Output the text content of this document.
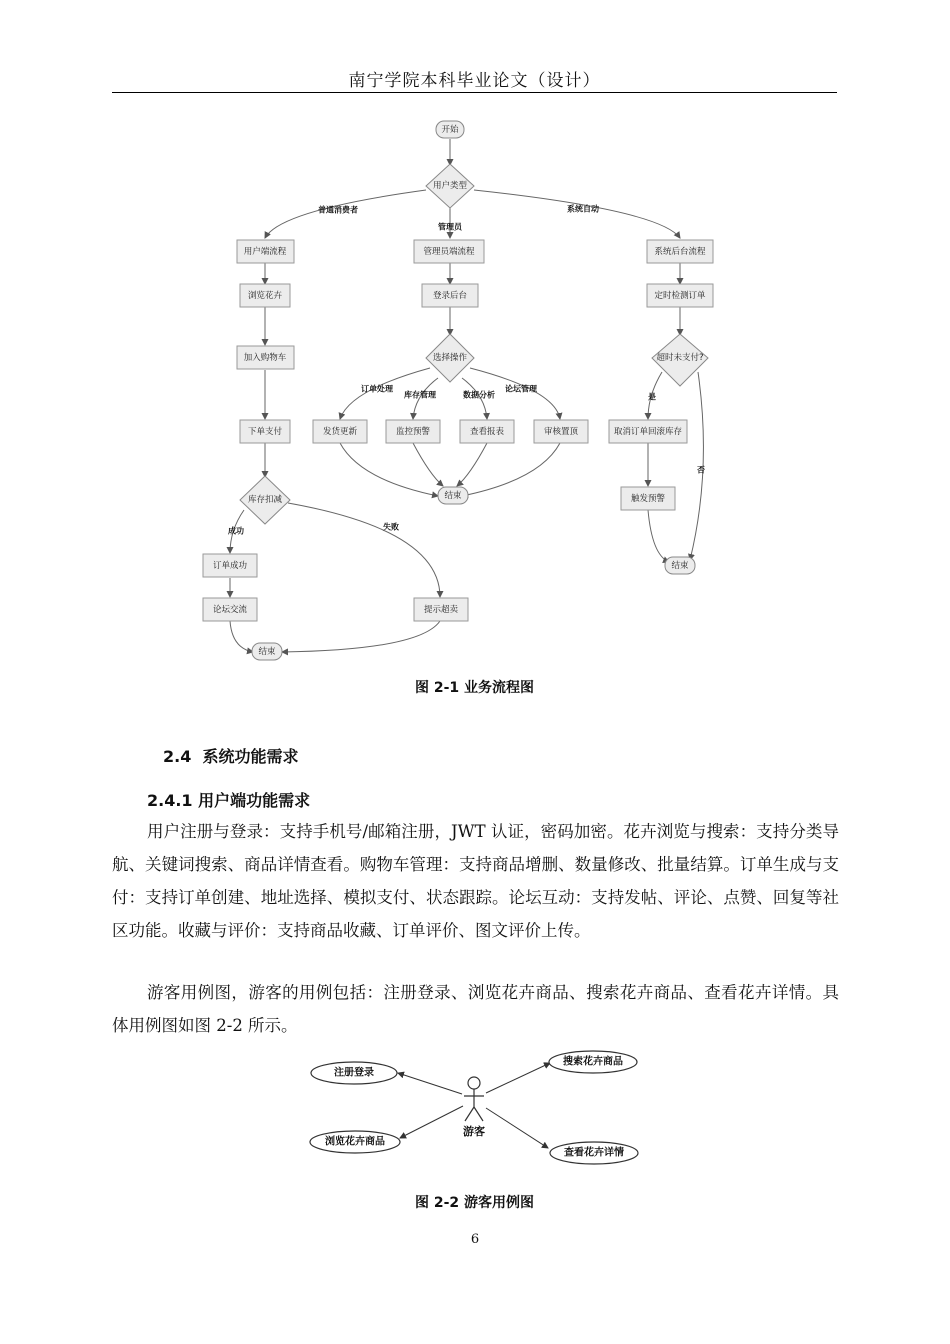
南宁学院本科毕业论文（设计）
开始
用户类型
用户端流程
浏览花卉
加入购物车
下单支付
库存扣减
订单成功
论坛交流	提示超卖
结束
管理员端流程
登录后台
选择操作
发货更新	监控预警	查看报表	审核置顶
结束
系统后台流程
定时检测订单
超时未支付?
取消订单回滚库存
触发预警
结束
普通消费者
管理员
系统自动
订单处理
库存管理	数据分析
论坛管理
成功	失败
是
否
图 2-1 业务流程图
2.4 系统功能需求
2.4.1 用户端功能需求
用户注册与登录：支持手机号/邮箱注册，JWT 认证，密码加密。花卉浏览与搜索：支持分类导航、关键词搜索、商品详情查看。购物车管理：支持商品增删、数量修改、批量结算。订单生成与支付：支持订单创建、地址选择、模拟支付、状态跟踪。论坛互动：支持发帖、评论、点赞、回复等社区功能。收藏与评价：支持商品收藏、订单评价、图文评价上传。
游客用例图，游客的用例包括：注册登录、浏览花卉商品、搜索花卉商品、查看花卉详情。具体用例图如图 2-2 所示。
游客
注册登录
浏览花卉商品
搜索花卉商品
查看花卉详情
图 2-2 游客用例图
6
